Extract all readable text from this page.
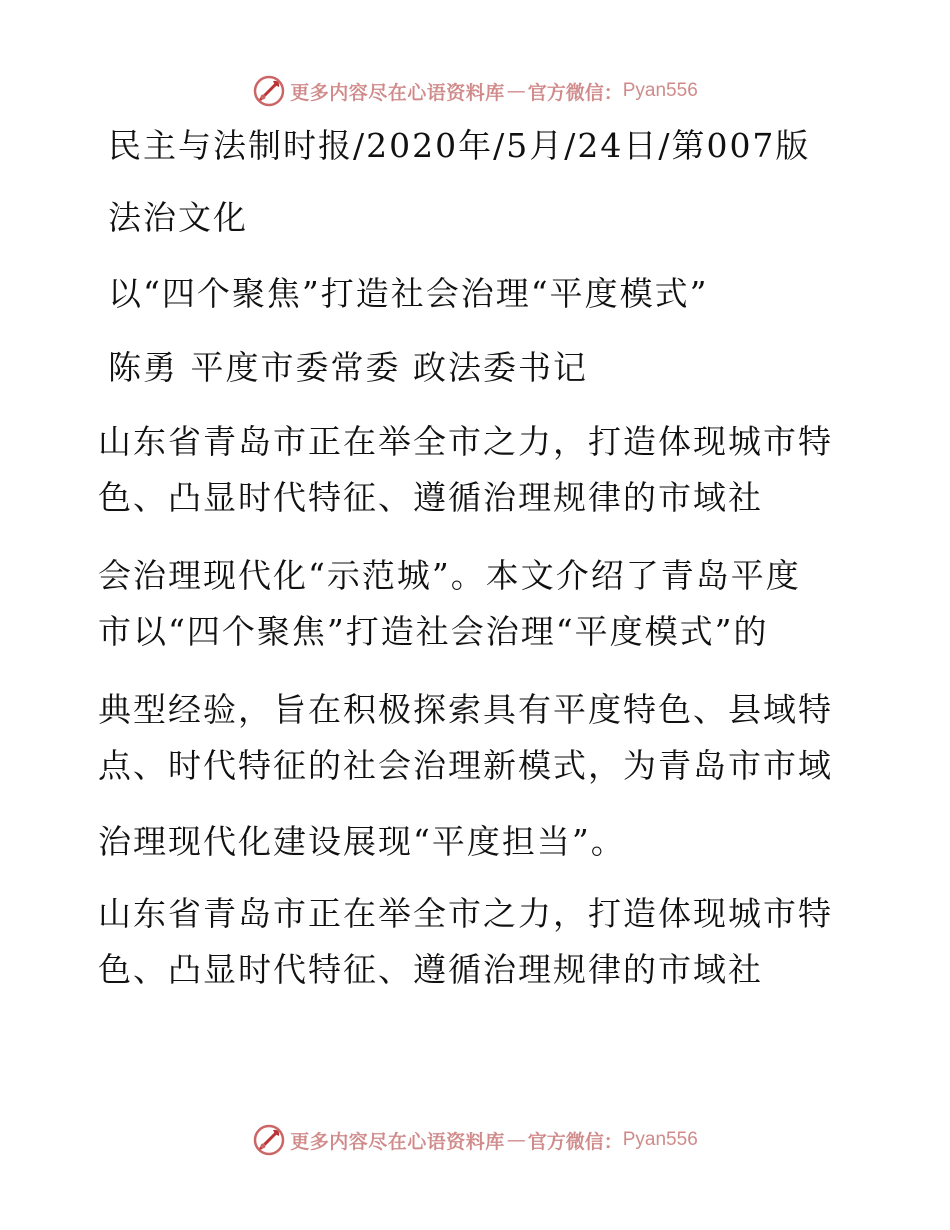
更多内容尽在心语资料库 — 官方微信： Pyan556
民主与法制时报/2020年/5月/24日/第007版
法治文化
以“四个聚焦”打造社会治理“平度模式”
陈勇 平度市委常委 政法委书记
山东省青岛市正在举全市之力，打造体现城市特
色、凸显时代特征、遵循治理规律的市域社
会治理现代化“示范城”。本文介绍了青岛平度
市以“四个聚焦”打造社会治理“平度模式”的
典型经验，旨在积极探索具有平度特色、县域特
点、时代特征的社会治理新模式，为青岛市市域
治理现代化建设展现“平度担当”。
山东省青岛市正在举全市之力，打造体现城市特
色、凸显时代特征、遵循治理规律的市域社
更多内容尽在心语资料库 — 官方微信： Pyan556
